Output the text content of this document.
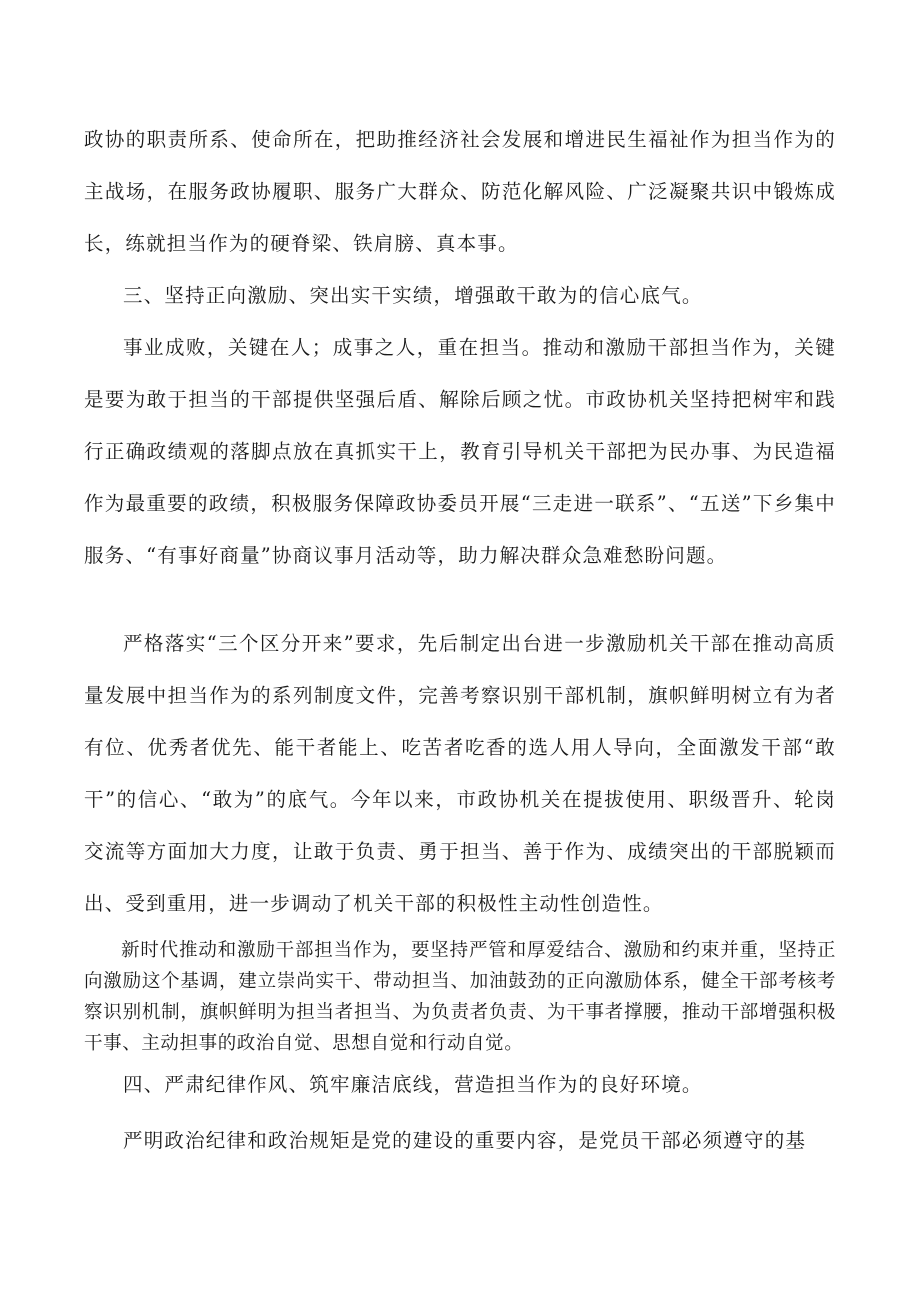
政协的职责所系、使命所在，把助推经济社会发展和增进民生福祉作为担当作为的主战场，在服务政协履职、服务广大群众、防范化解风险、广泛凝聚共识中锻炼成长，练就担当作为的硬脊梁、铁肩膀、真本事。

三、坚持正向激励、突出实干实绩，增强敢干敢为的信心底气。

事业成败，关键在人；成事之人，重在担当。推动和激励干部担当作为，关键是要为敢于担当的干部提供坚强后盾、解除后顾之忧。市政协机关坚持把树牢和践行正确政绩观的落脚点放在真抓实干上，教育引导机关干部把为民办事、为民造福作为最重要的政绩，积极服务保障政协委员开展“三走进一联系”、“五送”下乡集中服务、“有事好商量”协商议事月活动等，助力解决群众急难愁盼问题。

严格落实“三个区分开来”要求，先后制定出台进一步激励机关干部在推动高质量发展中担当作为的系列制度文件，完善考察识别干部机制，旗帜鲜明树立有为者有位、优秀者优先、能干者能上、吃苦者吃香的选人用人导向，全面激发干部“敢干”的信心、“敢为”的底气。今年以来，市政协机关在提拔使用、职级晋升、轮岗交流等方面加大力度，让敢于负责、勇于担当、善于作为、成绩突出的干部脱颖而出、受到重用，进一步调动了机关干部的积极性主动性创造性。

新时代推动和激励干部担当作为，要坚持严管和厚爱结合、激励和约束并重，坚持正向激励这个基调，建立崇尚实干、带动担当、加油鼓劲的正向激励体系，健全干部考核考察识别机制，旗帜鲜明为担当者担当、为负责者负责、为干事者撑腰，推动干部增强积极干事、主动担事的政治自觉、思想自觉和行动自觉。

四、严肃纪律作风、筑牢廉洁底线，营造担当作为的良好环境。

严明政治纪律和政治规矩是党的建设的重要内容，是党员干部必须遵守的基
